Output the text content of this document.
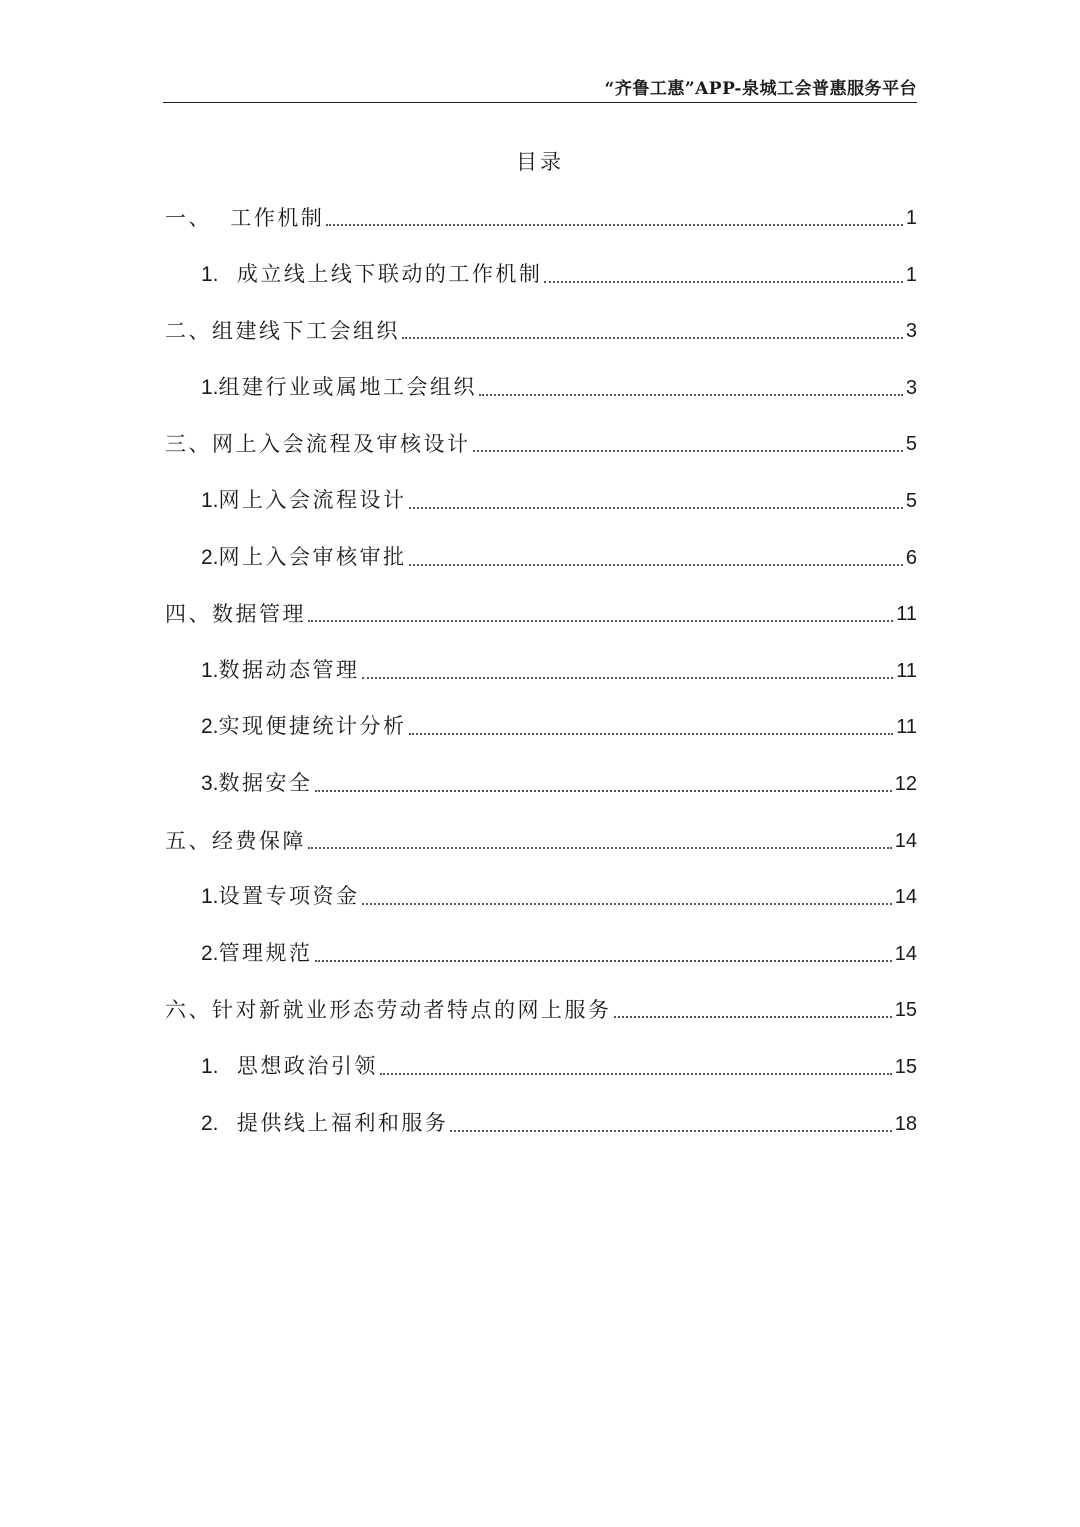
“齐鲁工惠”APP-泉城工会普惠服务平台
目录
一、 工作机制	1
1. 成立线上线下联动的工作机制	1
二、组建线下工会组织	3
1.组建行业或属地工会组织	3
三、网上入会流程及审核设计	5
1.网上入会流程设计	5
2.网上入会审核审批	6
四、数据管理	11
1.数据动态管理	11
2.实现便捷统计分析	11
3.数据安全	12
五、经费保障	14
1.设置专项资金	14
2.管理规范	14
六、针对新就业形态劳动者特点的网上服务	15
1. 思想政治引领	15
2. 提供线上福利和服务	18
